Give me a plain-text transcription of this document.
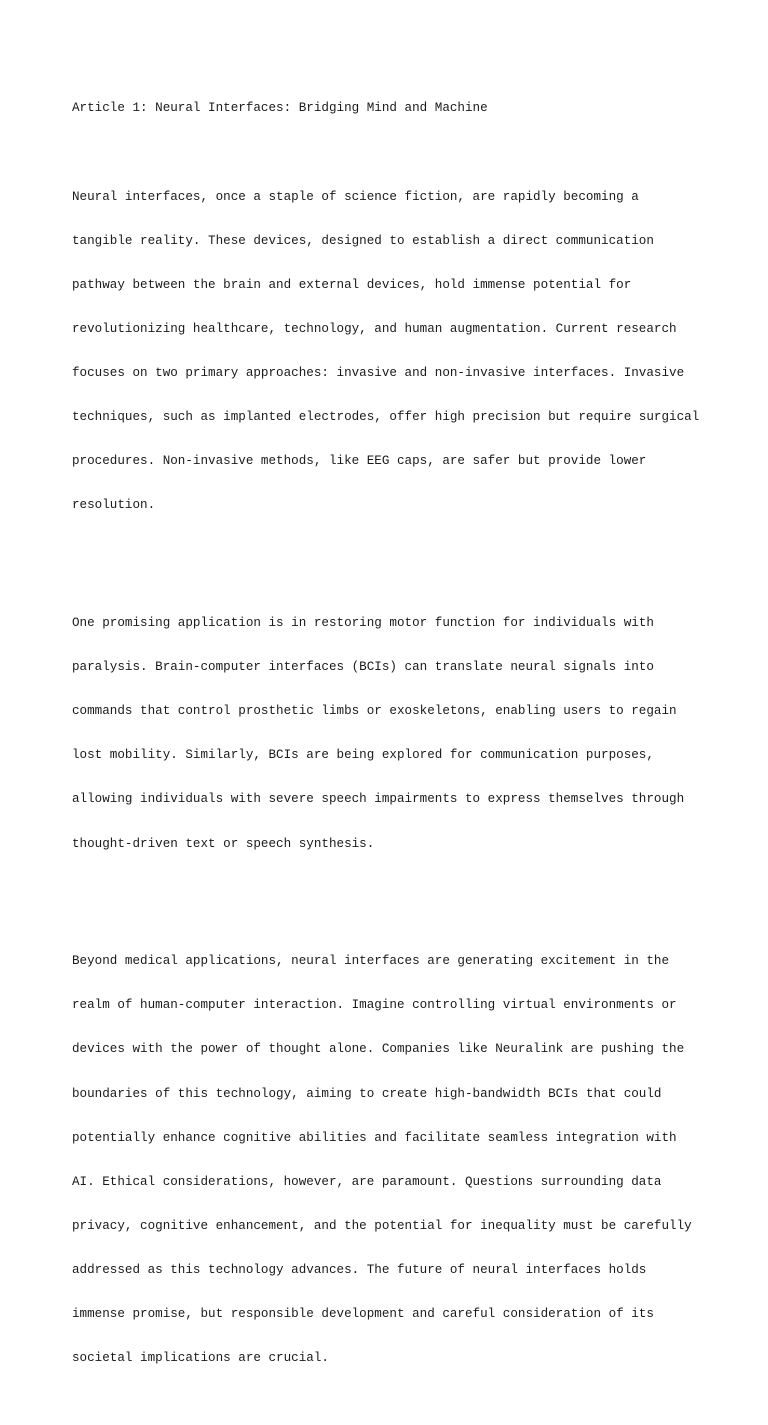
Article 1: Neural Interfaces: Bridging Mind and Machine

Neural interfaces, once a staple of science fiction, are rapidly becoming a

tangible reality. These devices, designed to establish a direct communication

pathway between the brain and external devices, hold immense potential for

revolutionizing healthcare, technology, and human augmentation. Current research

focuses on two primary approaches: invasive and non-invasive interfaces. Invasive

techniques, such as implanted electrodes, offer high precision but require surgical

procedures. Non-invasive methods, like EEG caps, are safer but provide lower

resolution.

One promising application is in restoring motor function for individuals with

paralysis. Brain-computer interfaces (BCIs) can translate neural signals into

commands that control prosthetic limbs or exoskeletons, enabling users to regain

lost mobility. Similarly, BCIs are being explored for communication purposes,

allowing individuals with severe speech impairments to express themselves through

thought-driven text or speech synthesis.

Beyond medical applications, neural interfaces are generating excitement in the

realm of human-computer interaction. Imagine controlling virtual environments or

devices with the power of thought alone. Companies like Neuralink are pushing the

boundaries of this technology, aiming to create high-bandwidth BCIs that could

potentially enhance cognitive abilities and facilitate seamless integration with

AI. Ethical considerations, however, are paramount. Questions surrounding data

privacy, cognitive enhancement, and the potential for inequality must be carefully

addressed as this technology advances. The future of neural interfaces holds

immense promise, but responsible development and careful consideration of its

societal implications are crucial.
